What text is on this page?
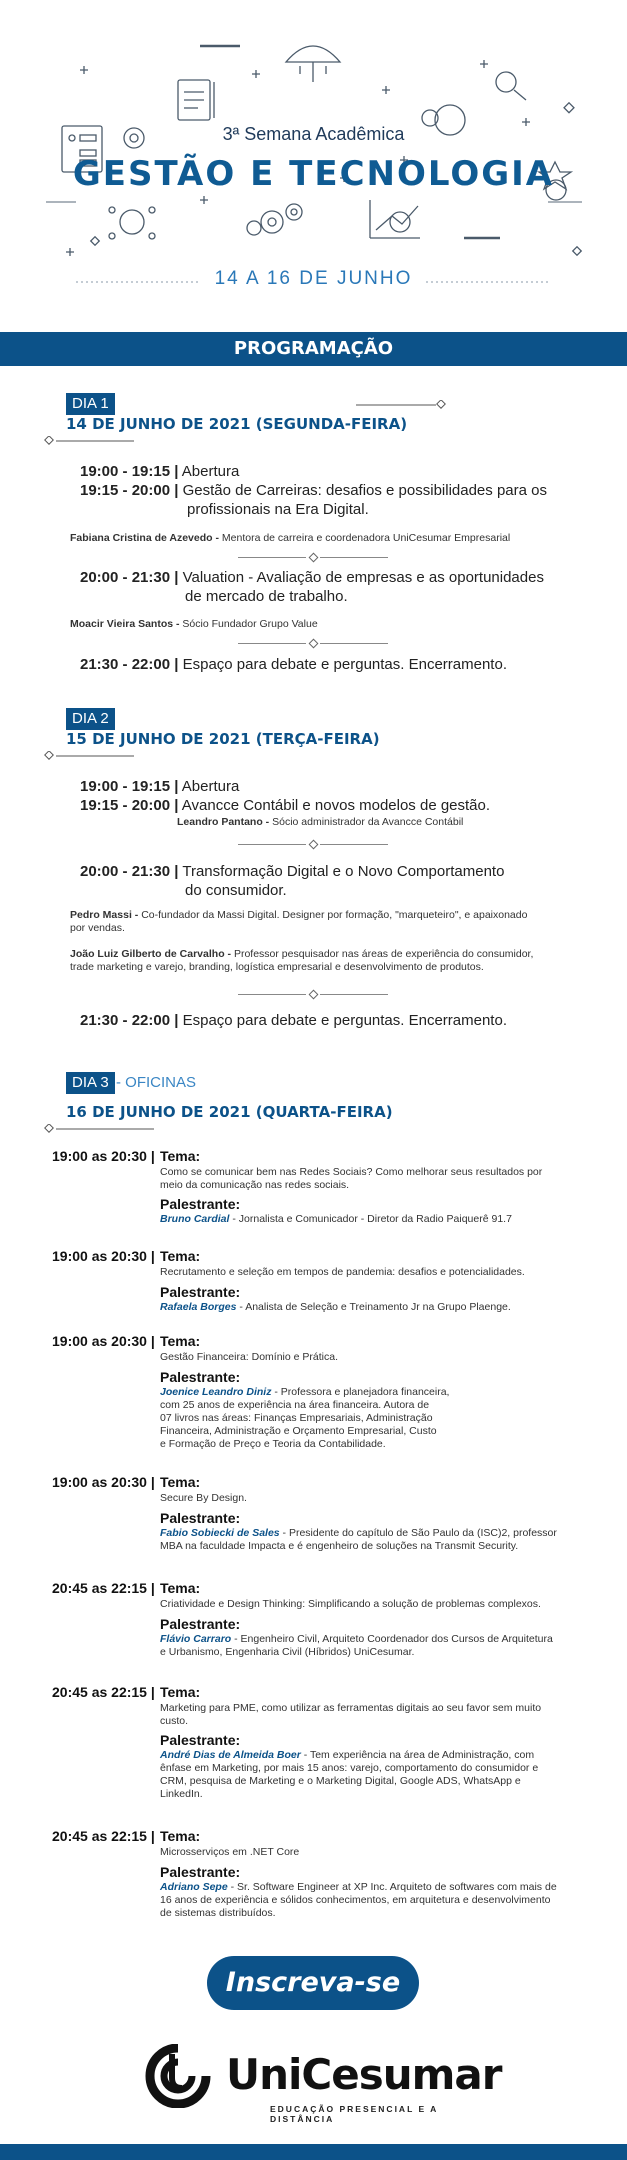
3ª Semana Acadêmica
GESTÃO E TECNOLOGIA
14 A 16 DE JUNHO
PROGRAMAÇÃO
DIA 1
14 DE JUNHO DE 2021 (SEGUNDA-FEIRA)
19:00 - 19:15 | Abertura
19:15 - 20:00 | Gestão de Carreiras: desafios e possibilidades para os
profissionais na Era Digital.
Fabiana Cristina de Azevedo - Mentora de carreira e coordenadora UniCesumar Empresarial
20:00 - 21:30 | Valuation - Avaliação de empresas e as oportunidades
de mercado de trabalho.
Moacir Vieira Santos - Sócio Fundador Grupo Value
21:30 - 22:00 | Espaço para debate e perguntas. Encerramento.
DIA 2
15 DE JUNHO DE 2021 (TERÇA-FEIRA)
19:00 - 19:15 | Abertura
19:15 - 20:00 | Avancce Contábil e novos modelos de gestão.
Leandro Pantano - Sócio administrador da Avancce Contábil
20:00 - 21:30 | Transformação Digital e o Novo Comportamento
do consumidor.
Pedro Massi - Co-fundador da Massi Digital. Designer por formação, "marqueteiro", e apaixonado
por vendas.
João Luiz Gilberto de Carvalho - Professor pesquisador nas áreas de experiência do consumidor,
trade marketing e varejo, branding, logística empresarial e desenvolvimento de produtos.
21:30 - 22:00 | Espaço para debate e perguntas. Encerramento.
DIA 3 - OFICINAS
16 DE JUNHO DE 2021 (QUARTA-FEIRA)
19:00 as 20:30 | Tema:
Como se comunicar bem nas Redes Sociais? Como melhorar seus resultados por
meio da comunicação nas redes sociais.
Palestrante:
Bruno Cardial - Jornalista e Comunicador - Diretor da Radio Paiquerê 91.7
19:00 as 20:30 | Tema:
Recrutamento e seleção em tempos de pandemia: desafios e potencialidades.
Palestrante:
Rafaela Borges - Analista de Seleção e Treinamento Jr na Grupo Plaenge.
19:00 as 20:30 | Tema:
Gestão Financeira: Domínio e Prática.
Palestrante:
Joenice Leandro Diniz - Professora e planejadora financeira,
com 25 anos de experiência na área financeira. Autora de
07 livros nas áreas: Finanças Empresariais, Administração
Financeira, Administração e Orçamento Empresarial, Custo
e Formação de Preço e Teoria da Contabilidade.
19:00 as 20:30 | Tema:
Secure By Design.
Palestrante:
Fabio Sobiecki de Sales - Presidente do capítulo de São Paulo da (ISC)2, professor
MBA na faculdade Impacta e é engenheiro de soluções na Transmit Security.
20:45 as 22:15 | Tema:
Criatividade e Design Thinking: Simplificando a solução de problemas complexos.
Palestrante:
Flávio Carraro - Engenheiro Civil, Arquiteto Coordenador dos Cursos de Arquitetura
e Urbanismo, Engenharia Civil (Híbridos) UniCesumar.
20:45 as 22:15 | Tema:
Marketing para PME, como utilizar as ferramentas digitais ao seu favor sem muito
custo.
Palestrante:
André Dias de Almeida Boer - Tem experiência na área de Administração, com
ênfase em Marketing, por mais 15 anos: varejo, comportamento do consumidor e
CRM, pesquisa de Marketing e o Marketing Digital, Google ADS, WhatsApp e
LinkedIn.
20:45 as 22:15 | Tema:
Microsserviços em .NET Core
Palestrante:
Adriano Sepe - Sr. Software Engineer at XP Inc. Arquiteto de softwares com mais de
16 anos de experiência e sólidos conhecimentos, em arquitetura e desenvolvimento
de sistemas distribuídos.
Inscreva-se
UniCesumar
EDUCAÇÃO PRESENCIAL E A DISTÂNCIA
